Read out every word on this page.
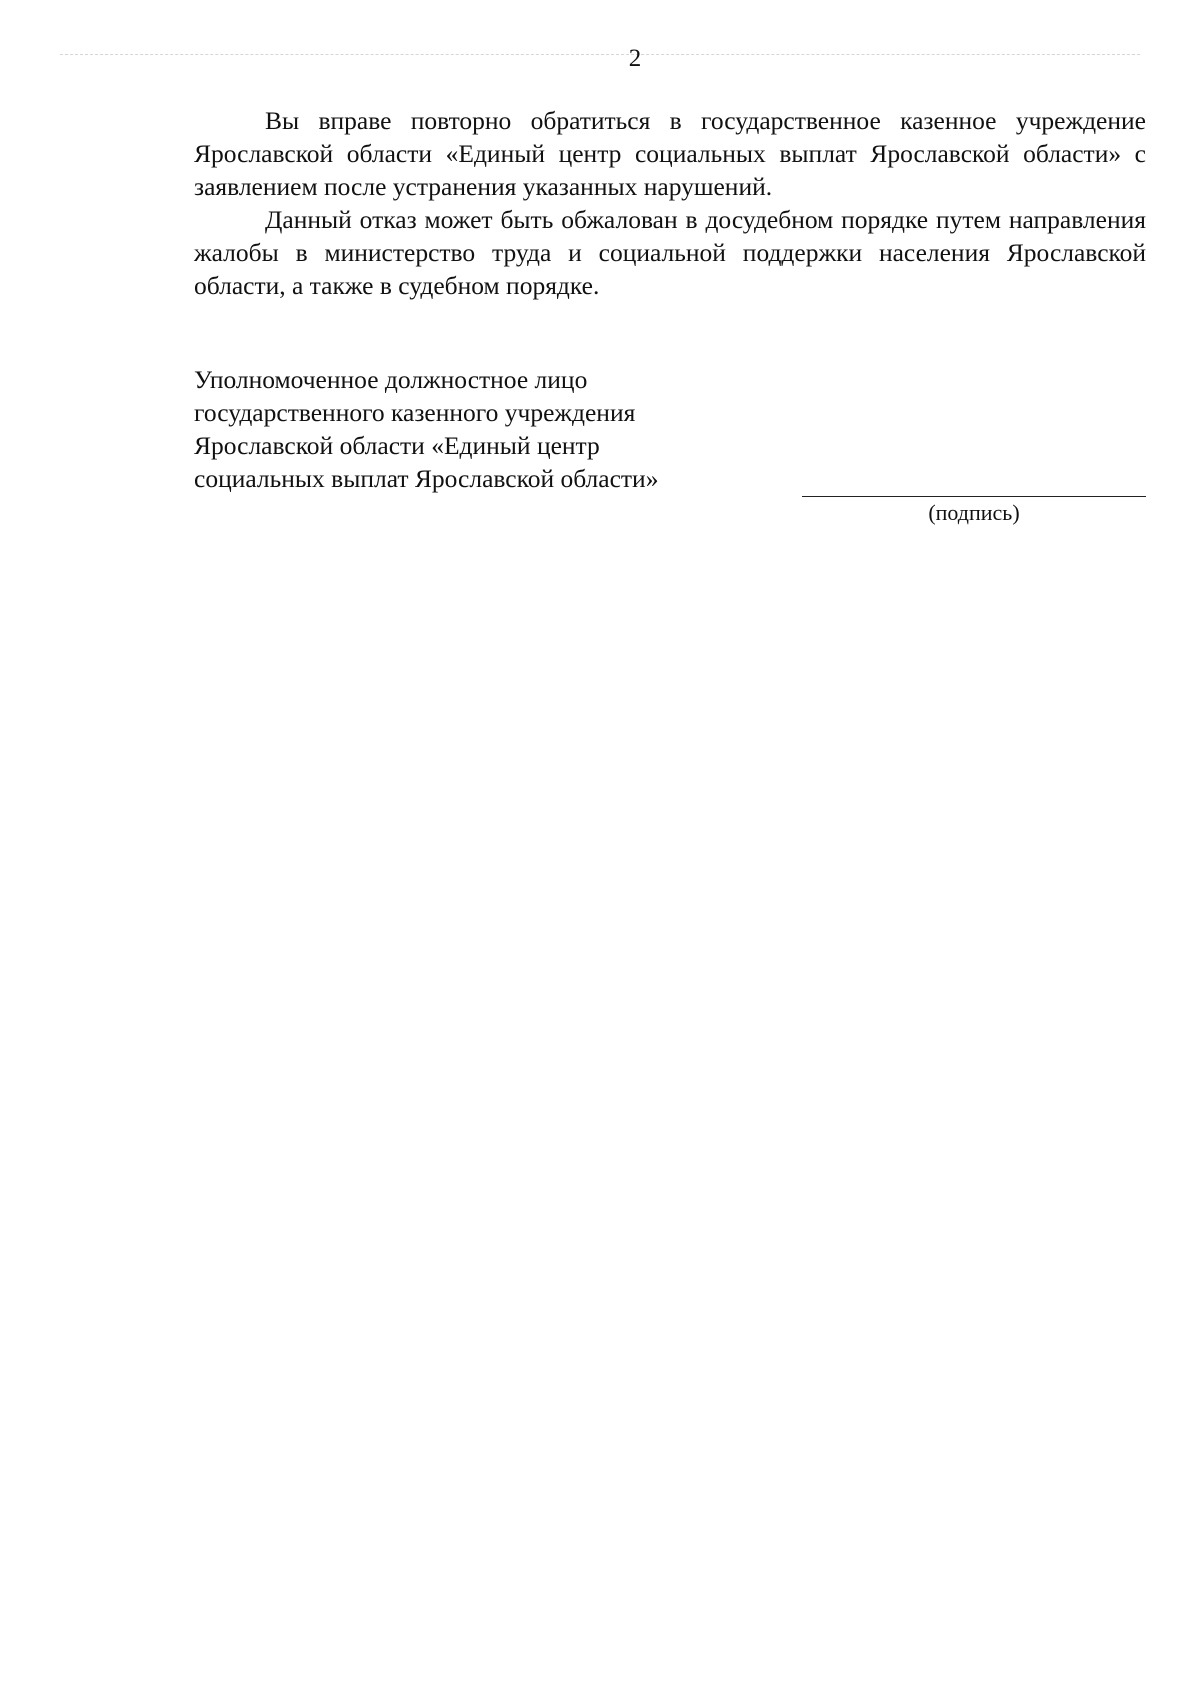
2

Вы вправе повторно обратиться в государственное казенное учреждение Ярославской области «Единый центр социальных выплат Ярославской области» с заявлением после устранения указанных нарушений.

Данный отказ может быть обжалован в досудебном порядке путем направления жалобы в министерство труда и социальной поддержки населения Ярославской области, а также в судебном порядке.

Уполномоченное должностное лицо
государственного казенного учреждения
Ярославской области «Единый центр
социальных выплат Ярославской области»
(подпись)
